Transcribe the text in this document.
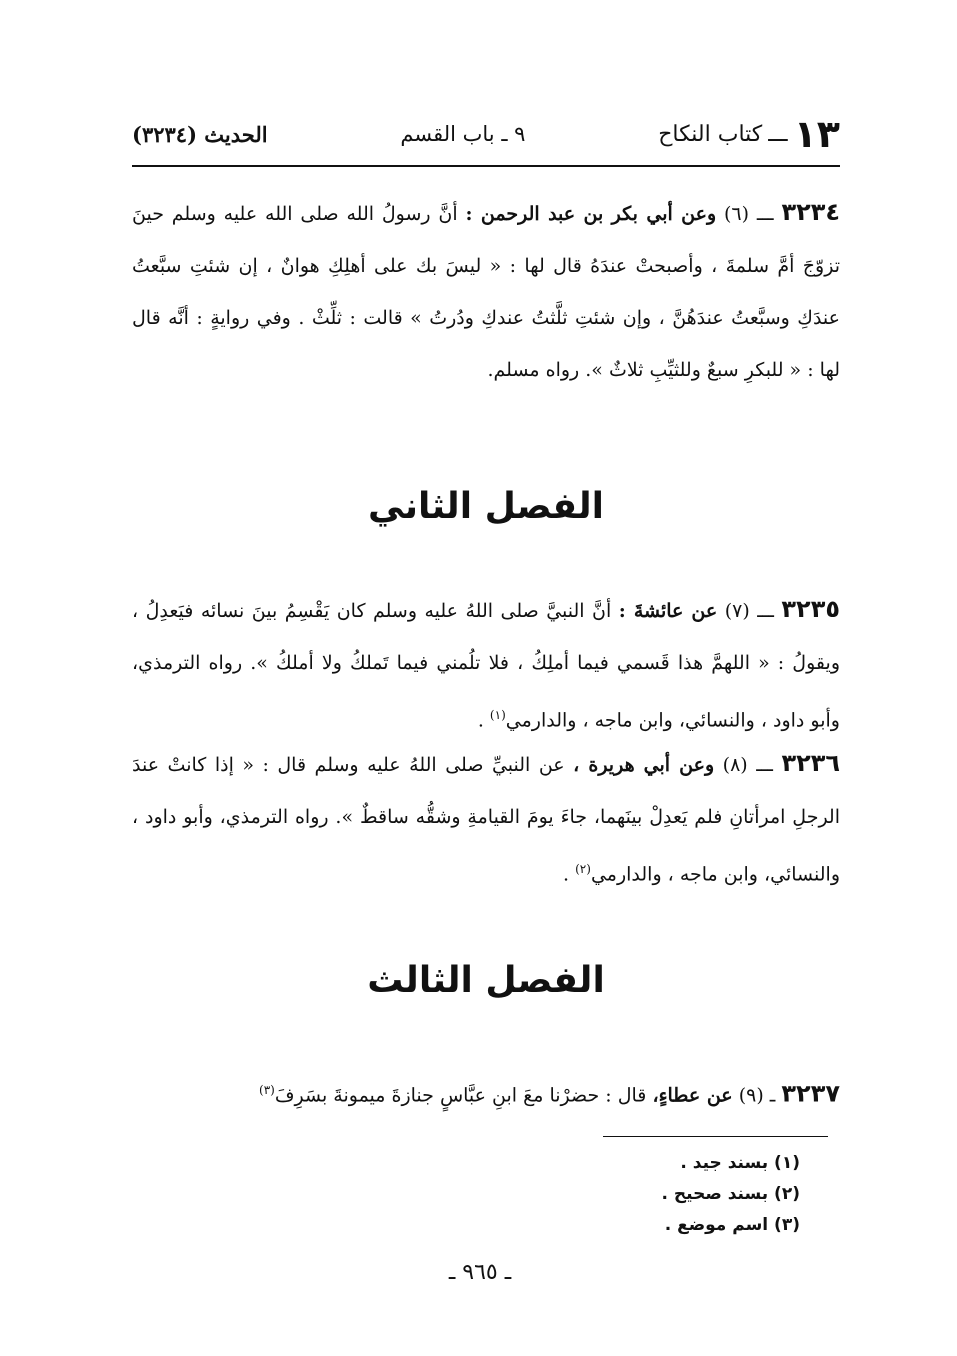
١٣
ـــ
كتاب النكاح
٩ ـ باب القسم
الحديث (٣٢٣٤)
٣٢٣٤ ـــ (٦) وعن أبي بكر بن عبد الرحمن : أنَّ رسولُ الله صلى الله عليه وسلم حينَ تزوّجَ أمَّ سلمةَ ، وأصبحتْ عندَهُ قال لها : « ليسَ بك على أهلِكِ هوانٌ ، إن شئتِ سبَّعتُ عندَكِ وسبَّعتُ عندَهُنَّ ، وإن شئتِ ثلَّثتُ عندكِ ودُرتُ » قالت : ثلِّثْ . وفي روايةٍ : أنَّه قال لها : « للبكرِ سبعٌ وللثيِّبِ ثلاثٌ ». رواه مسلم.
الفصل الثاني
٣٢٣٥ ـــ (٧) عن عائشةَ : أنَّ النبيَّ صلى اللهُ عليه وسلم كان يَقْسِمُ بينَ نسائه فيَعدِلُ ، ويقولُ : « اللهمَّ هذا قَسمي فيما أملِكُ ، فلا تلُمني فيما تَملكُ ولا أملكُ ». رواه الترمذي، وأبو داود ، والنسائي، وابن ماجه ، والدارمي$^{(١)}$ .
٣٢٣٦ ـــ (٨) وعن أبي هريرة ، عن النبيِّ صلى اللهُ عليه وسلم قال : « إذا كانتْ عندَ الرجلِ امرأتانِ فلم يَعدِلْ بينَهما، جاءَ يومَ القيامةِ وشقُّه ساقطٌ ». رواه الترمذي، وأبو داود ، والنسائي، وابن ماجه ، والدارمي$^{(٢)}$ .
الفصل الثالث
٣٢٣٧ ـ (٩) عن عطاءٍ، قال : حضرْنا معَ ابنِ عبَّاسٍ جنازةَ ميمونةَ بسَرِفَ$^{(٣)}$
(١) بسند جيد .
(٢) بسند صحيح .
(٣) اسم موضع .
ـ ٩٦٥ ـ
